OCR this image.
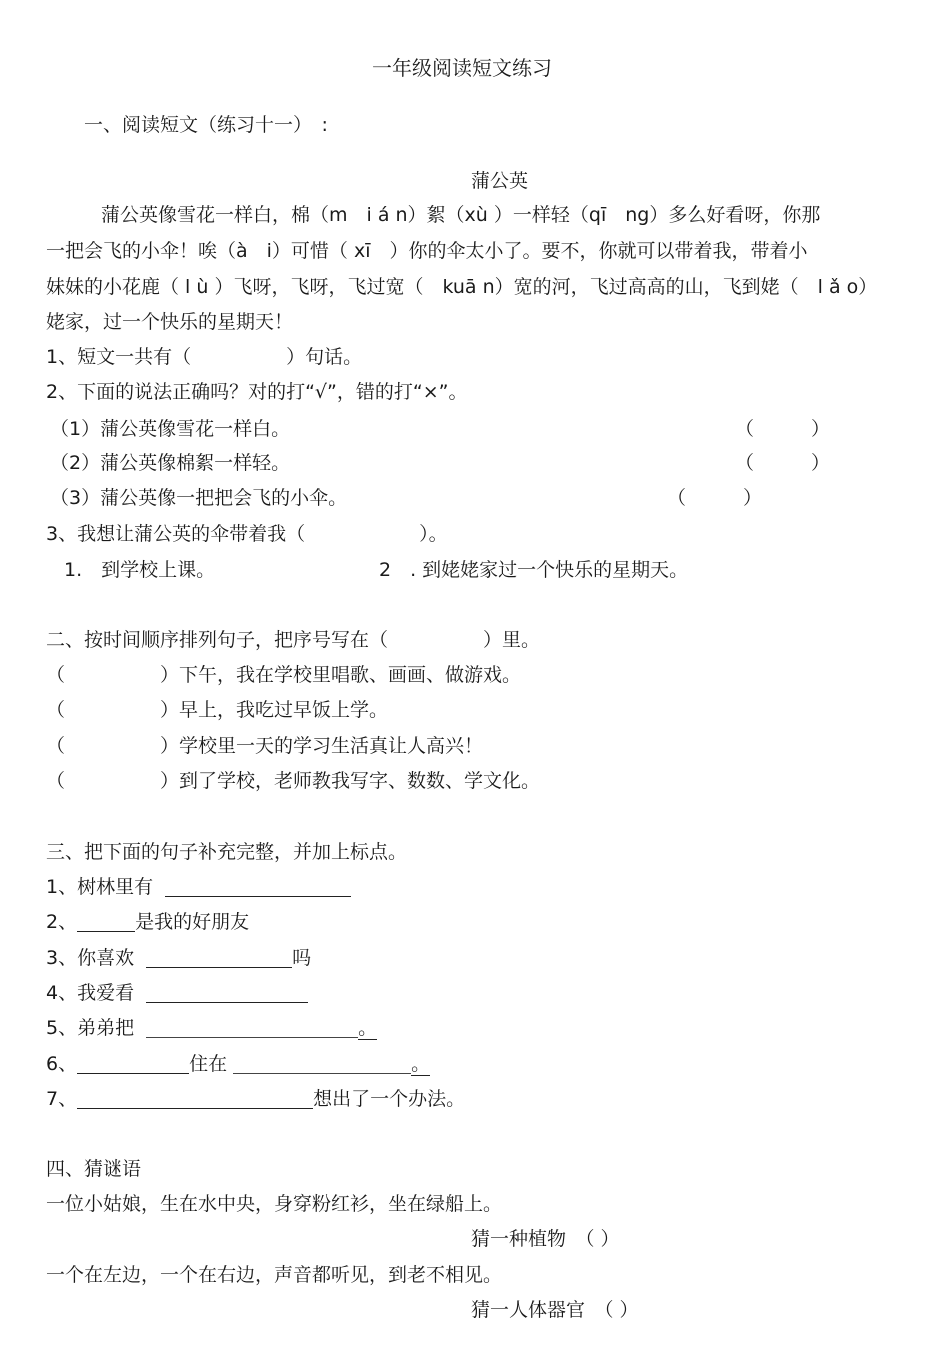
一年级阅读短文练习
一、阅读短文（练习十一）　:
蒲公英
蒲公英像雪花一样白，棉（m　i á n）絮（xù ）一样轻（qī　ng）多么好看呀，你那
一把会飞的小伞！唉（à　i）可惜（ xī　）你的伞太小了。要不，你就可以带着我，带着小
妹妹的小花鹿（ l ù ）飞呀，飞呀，飞过宽（　kuā n）宽的河，飞过高高的山，飞到姥（　l ǎ o）
姥家，过一个快乐的星期天！
1、短文一共有（　　　　　）句话。
2、下面的说法正确吗？对的打“√”，错的打“×”。
（1）蒲公英像雪花一样白。	（　　　）
（2）蒲公英像棉絮一样轻。	（　　　）
（3）蒲公英像一把把会飞的小伞。	（　　　）
3、我想让蒲公英的伞带着我（　　　　　　）。
1.　到学校上课。	2　. 到姥姥家过一个快乐的星期天。
二、按时间顺序排列句子，把序号写在（　　　　　）里。
（　　　　　）下午，我在学校里唱歌、画画、做游戏。
（　　　　　）早上，我吃过早饭上学。
（　　　　　）学校里一天的学习生活真让人高兴！
（　　　　　）到了学校，老师教我写字、数数、学文化。
三、把下面的句子补充完整，并加上标点。
1、树林里有
2、	是我的好朋友
3、你喜欢	吗
4、我爱看
5、弟弟把	。
6、	住在	。
7、	想出了一个办法。
四、猜谜语
一位小姑娘，生在水中央，身穿粉红衫，坐在绿船上。
猜一种植物　（ ）
一个在左边，一个在右边，声音都听见，到老不相见。
猜一人体器官　（ ）
